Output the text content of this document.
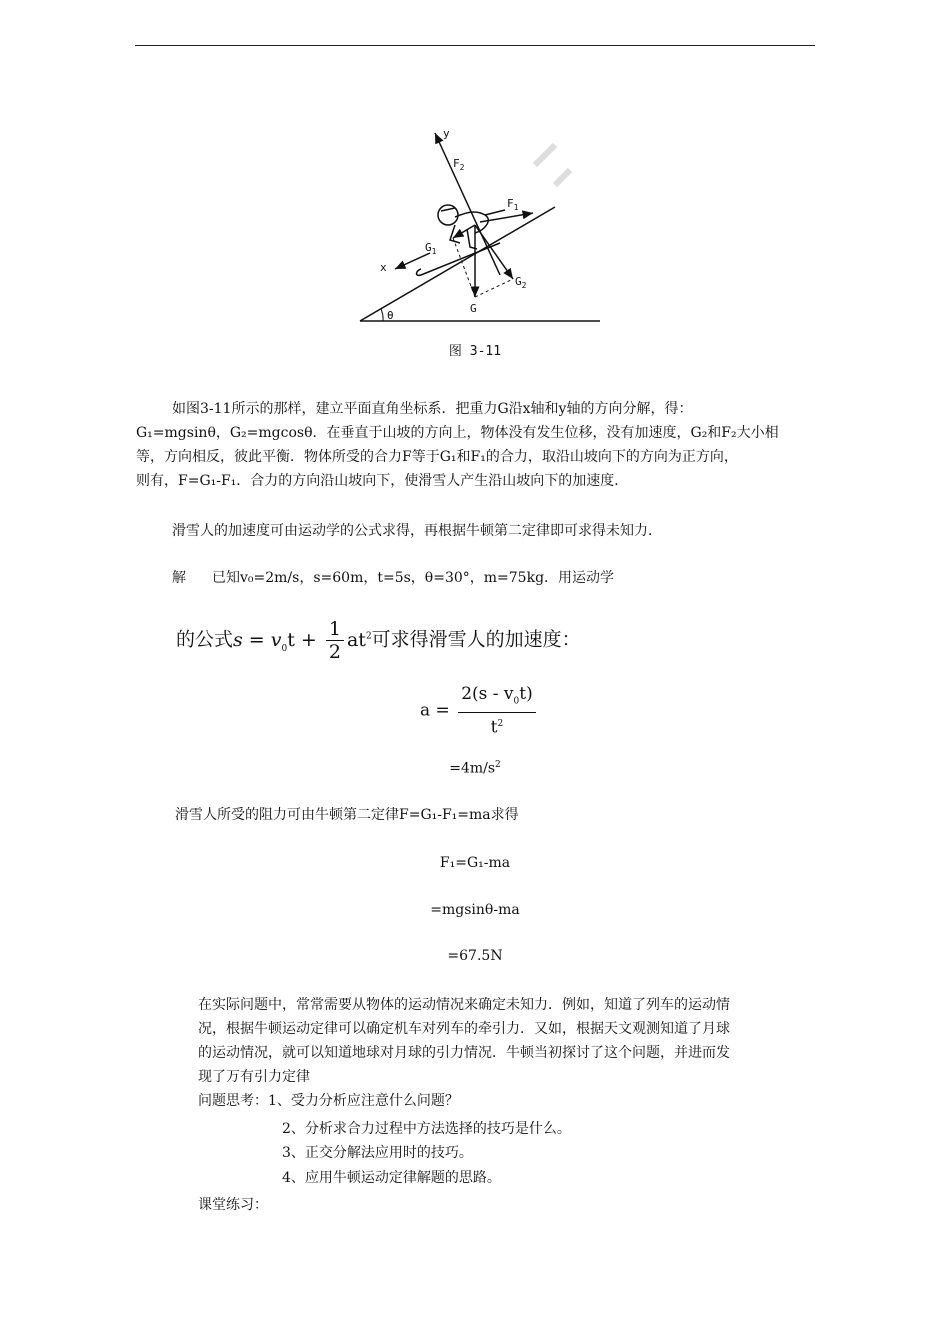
y
$F_2$
$F_1$
$G_1$
x
$G_2$
G
θ
图 3-11
如图3-11所示的那样，建立平面直角坐标系．把重力G沿x轴和y轴的方向分解，得：
G₁=mgsinθ，G₂=mgcosθ．在垂直于山坡的方向上，物体没有发生位移，没有加速度，G₂和F₂大小相
等，方向相反，彼此平衡．物体所受的合力F等于G₁和F₁的合力，取沿山坡向下的方向为正方向，
则有，F=G₁-F₁．合力的方向沿山坡向下，使滑雪人产生沿山坡向下的加速度．
滑雪人的加速度可由运动学的公式求得，再根据牛顿第二定律即可求得未知力．
解 已知v₀=2m/s，s=60m，t=5s，θ=30°，m=75kg．用运动学
的公式$s = v_0t + \frac{1}{2} at^2$可求得滑雪人的加速度：
$a = \frac{2(s - v_0t)}{t^2}$
$=4m/s^2$
滑雪人所受的阻力可由牛顿第二定律F=G₁-F₁=ma求得
F₁=G₁-ma
=mgsinθ-ma
=67.5N
在实际问题中，常常需要从物体的运动情况来确定未知力．例如，知道了列车的运动情
况，根据牛顿运动定律可以确定机车对列车的牵引力．又如，根据天文观测知道了月球
的运动情况，就可以知道地球对月球的引力情况．牛顿当初探讨了这个问题，并进而发
现了万有引力定律
问题思考：1、受力分析应注意什么问题？
2、分析求合力过程中方法选择的技巧是什么。
3、正交分解法应用时的技巧。
4、应用牛顿运动定律解题的思路。
课堂练习：
